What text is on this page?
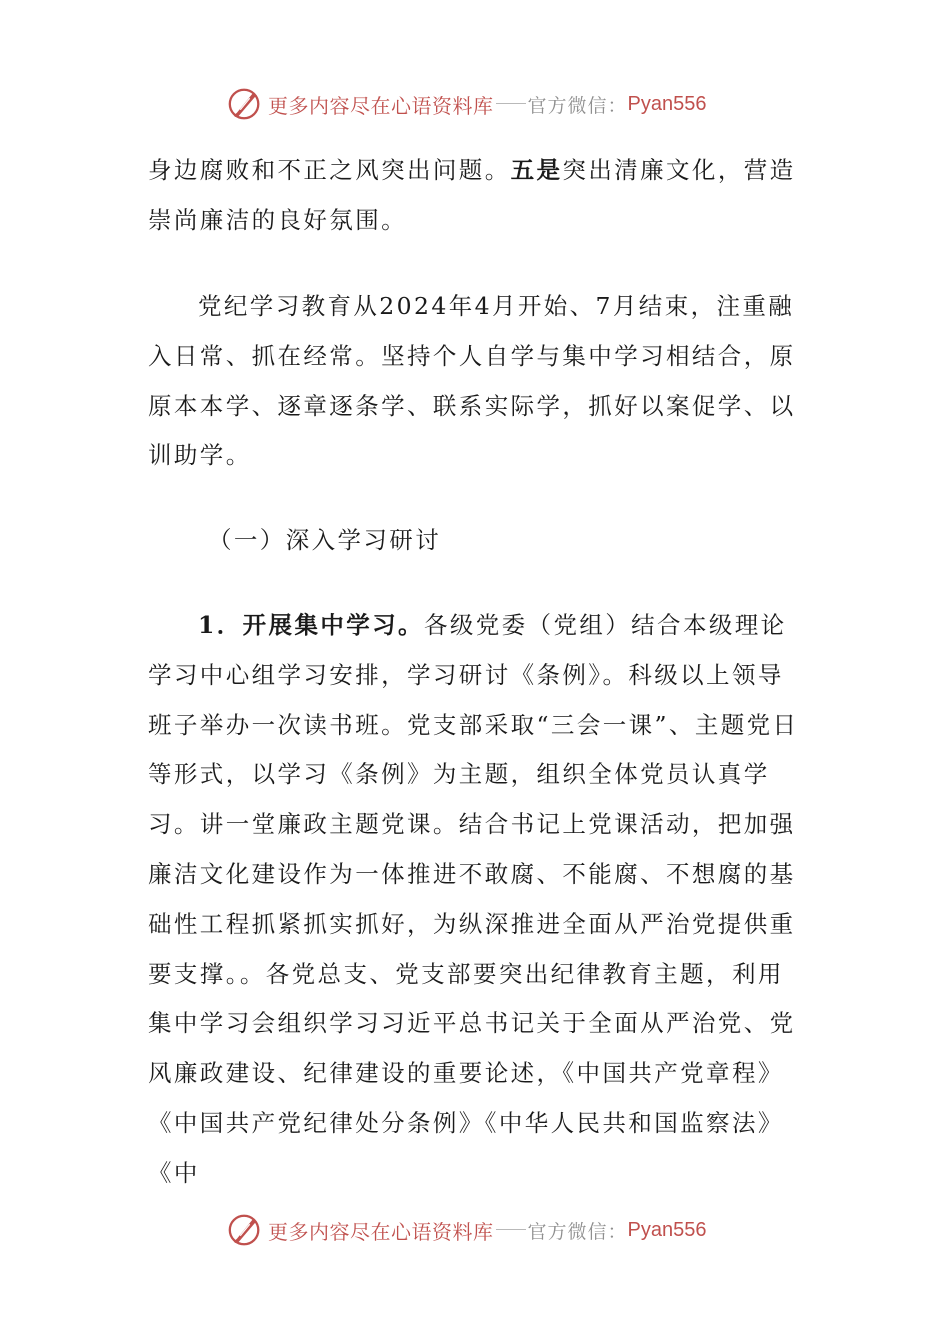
更多内容尽在心语资料库 官方微信： Pyan556

身边腐败和不正之风突出问题。五是突出清廉文化，营造崇尚廉洁的良好氛围。

党纪学习教育从2024年4月开始、7月结束，注重融入日常、抓在经常。坚持个人自学与集中学习相结合，原原本本学、逐章逐条学、联系实际学，抓好以案促学、以训助学。

（一）深入学习研讨

1．开展集中学习。各级党委（党组）结合本级理论学习中心组学习安排，学习研讨《条例》。科级以上领导班子举办一次读书班。党支部采取“三会一课”、主题党日等形式，以学习《条例》为主题，组织全体党员认真学习。讲一堂廉政主题党课。结合书记上党课活动，把加强廉洁文化建设作为一体推进不敢腐、不能腐、不想腐的基础性工程抓紧抓实抓好，为纵深推进全面从严治党提供重要支撑。。各党总支、党支部要突出纪律教育主题，利用集中学习会组织学习习近平总书记关于全面从严治党、党风廉政建设、纪律建设的重要论述，《中国共产党章程》《中国共产党纪律处分条例》《中华人民共和国监察法》《中

更多内容尽在心语资料库 官方微信： Pyan556
